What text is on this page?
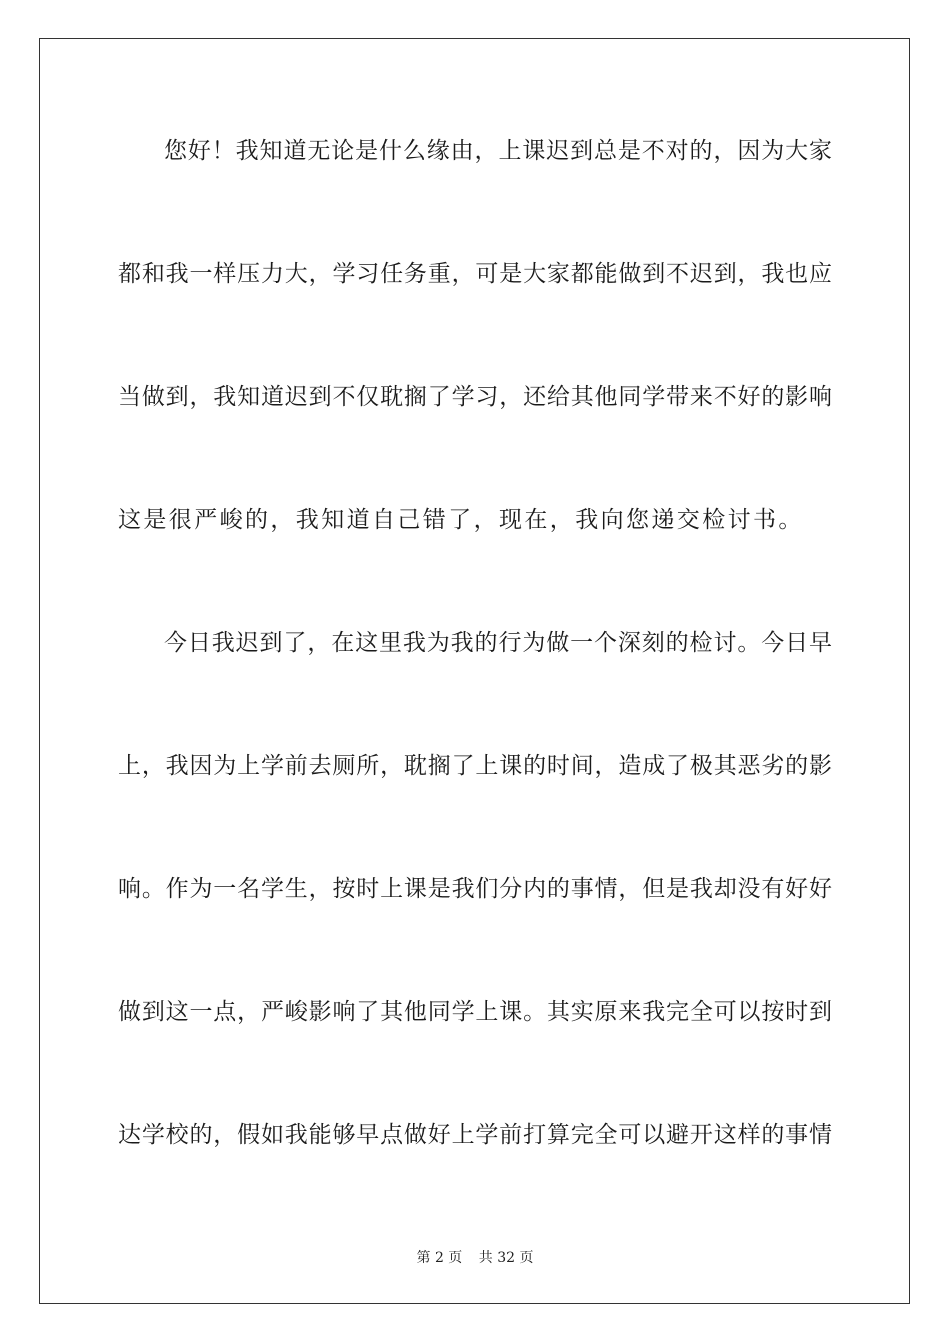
您好！我知道无论是什么缘由，上课迟到总是不对的，因为大家
都和我一样压力大，学习任务重，可是大家都能做到不迟到，我也应
当做到，我知道迟到不仅耽搁了学习，还给其他同学带来不好的影响
这是很严峻的，我知道自己错了，现在，我向您递交检讨书。
今日我迟到了，在这里我为我的行为做一个深刻的检讨。今日早
上，我因为上学前去厕所，耽搁了上课的时间，造成了极其恶劣的影
响。作为一名学生，按时上课是我们分内的事情，但是我却没有好好
做到这一点，严峻影响了其他同学上课。其实原来我完全可以按时到
达学校的，假如我能够早点做好上学前打算完全可以避开这样的事情
第 2 页 共 32 页
